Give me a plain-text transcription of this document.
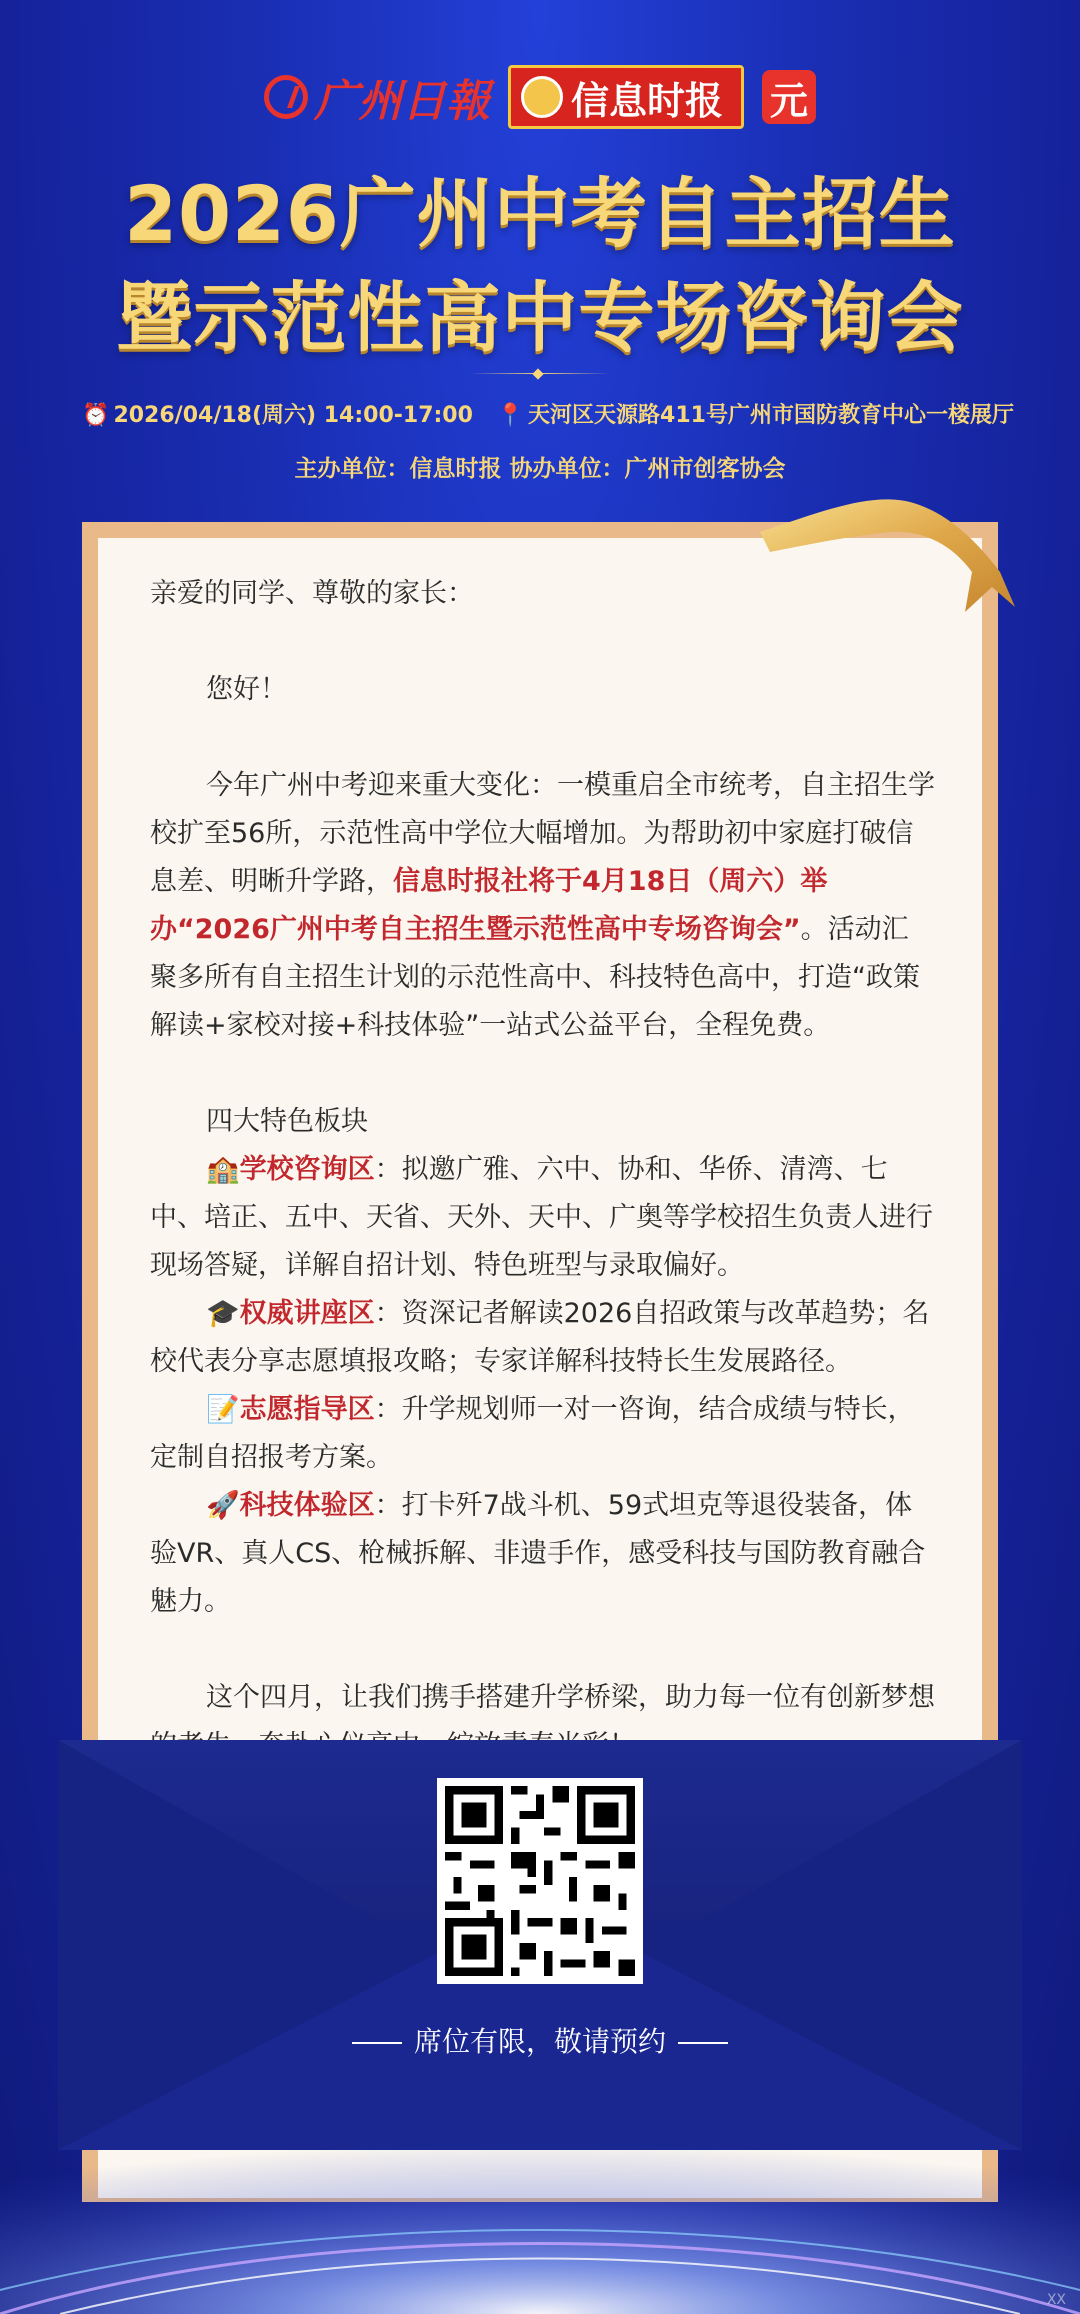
广州日報 信息时报 元
2026广州中考自主招生
暨示范性高中专场咨询会
⏰ 2026/04/18(周六) 14:00-17:00 📍 天河区天源路411号广州市国防教育中心一楼展厅
主办单位：信息时报 协办单位：广州市创客协会

亲爱的同学、尊敬的家长：

您好！

今年广州中考迎来重大变化：一模重启全市统考，自主招生学校扩至56所，示范性高中学位大幅增加。为帮助初中家庭打破信息差、明晰升学路，信息时报社将于4月18日（周六）举办“2026广州中考自主招生暨示范性高中专场咨询会”。活动汇聚多所有自主招生计划的示范性高中、科技特色高中，打造“政策解读+家校对接+科技体验”一站式公益平台，全程免费。

四大特色板块

🏫学校咨询区：拟邀广雅、六中、协和、华侨、清湾、七中、培正、五中、天省、天外、天中、广奥等学校招生负责人进行现场答疑，详解自招计划、特色班型与录取偏好。

🎓权威讲座区：资深记者解读2026自招政策与改革趋势；名校代表分享志愿填报攻略；专家详解科技特长生发展路径。

📝志愿指导区：升学规划师一对一咨询，结合成绩与特长，定制自招报考方案。

🚀科技体验区：打卡歼7战斗机、59式坦克等退役装备，体验VR、真人CS、枪械拆解、非遗手作，感受科技与国防教育融合魅力。

这个四月，让我们携手搭建升学桥梁，助力每一位有创新梦想

席位有限，敬请预约
XX
